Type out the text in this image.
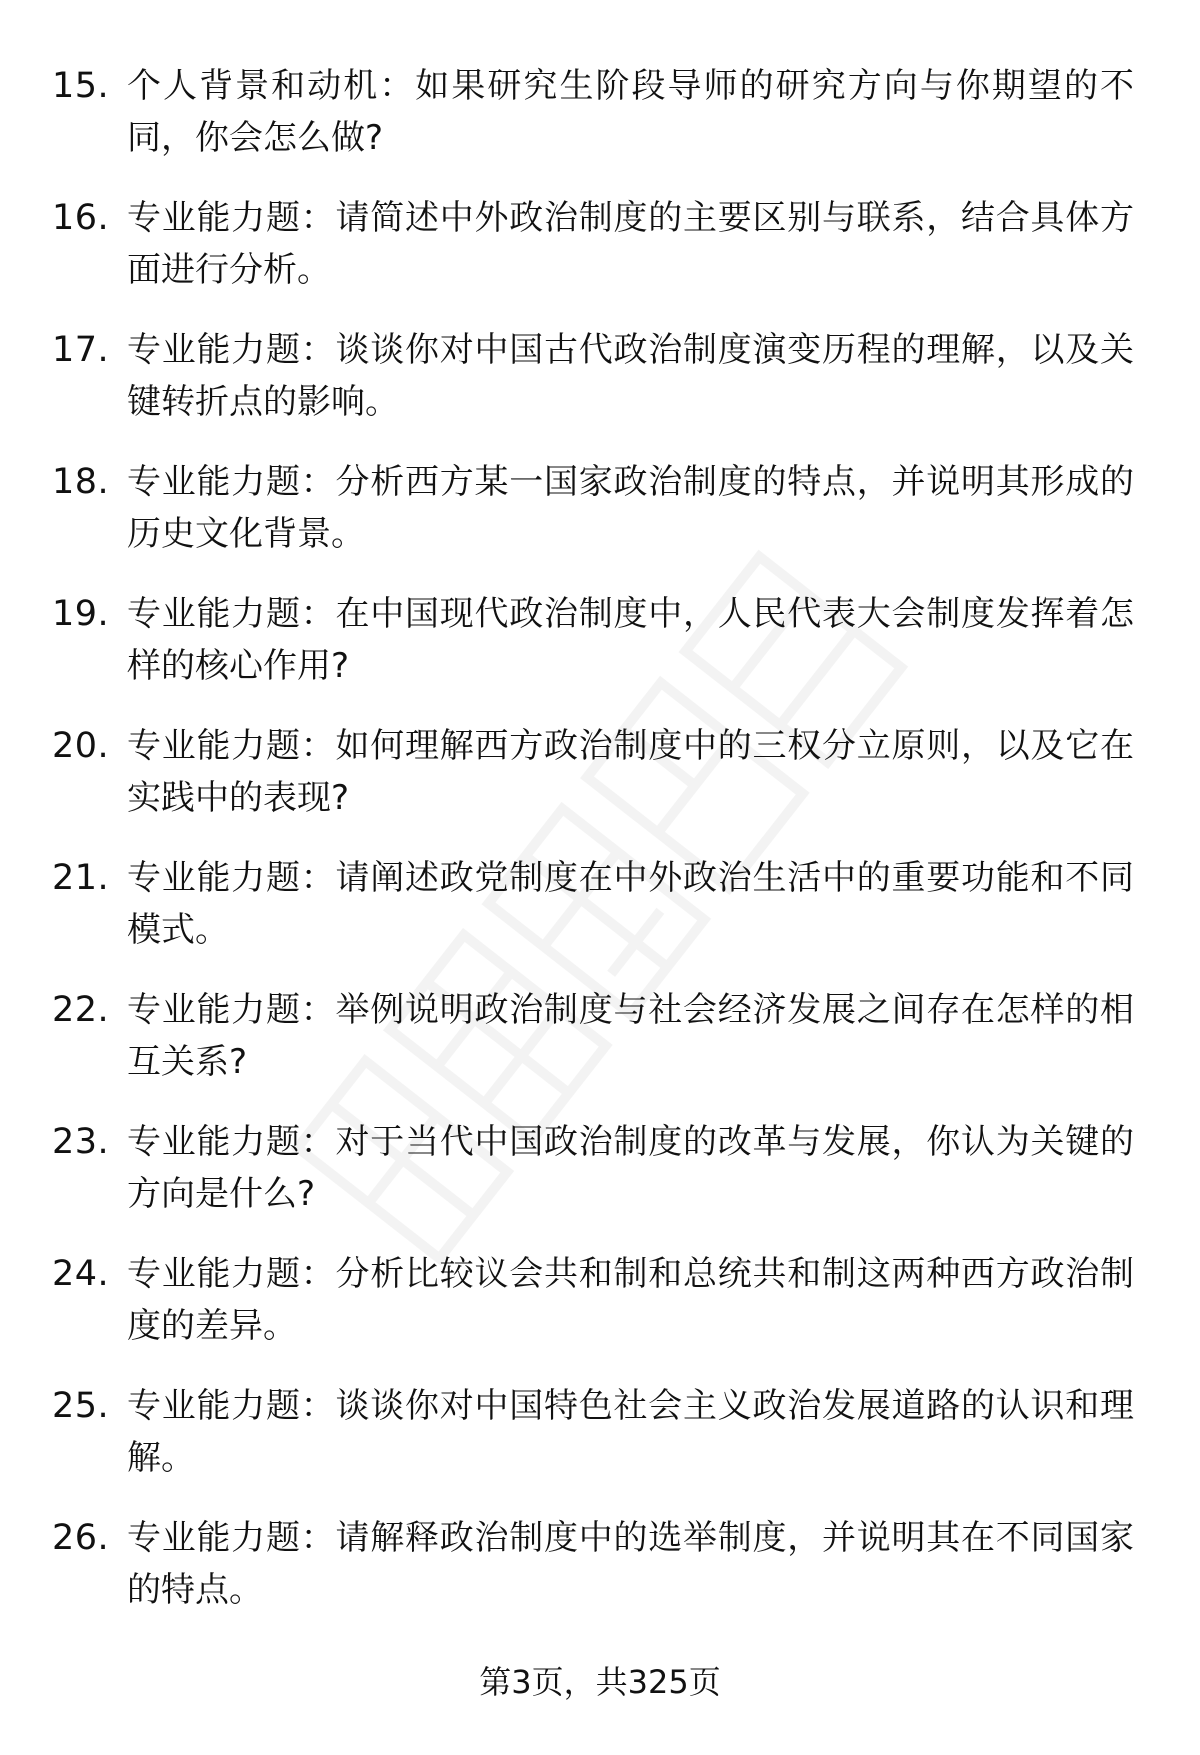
15. 个人背景和动机：如果研究生阶段导师的研究方向与你期望的不同，你会怎么做?
16. 专业能力题：请简述中外政治制度的主要区别与联系，结合具体方面进行分析。
17. 专业能力题：谈谈你对中国古代政治制度演变历程的理解，以及关键转折点的影响。
18. 专业能力题：分析西方某一国家政治制度的特点，并说明其形成的历史文化背景。
19. 专业能力题：在中国现代政治制度中，人民代表大会制度发挥着怎样的核心作用?
20. 专业能力题：如何理解西方政治制度中的三权分立原则，以及它在实践中的表现?
21. 专业能力题：请阐述政党制度在中外政治生活中的重要功能和不同模式。
22. 专业能力题：举例说明政治制度与社会经济发展之间存在怎样的相互关系?
23. 专业能力题：对于当代中国政治制度的改革与发展，你认为关键的方向是什么?
24. 专业能力题：分析比较议会共和制和总统共和制这两种西方政治制度的差异。
25. 专业能力题：谈谈你对中国特色社会主义政治发展道路的认识和理解。
26. 专业能力题：请解释政治制度中的选举制度，并说明其在不同国家的特点。
第3页，共325页
